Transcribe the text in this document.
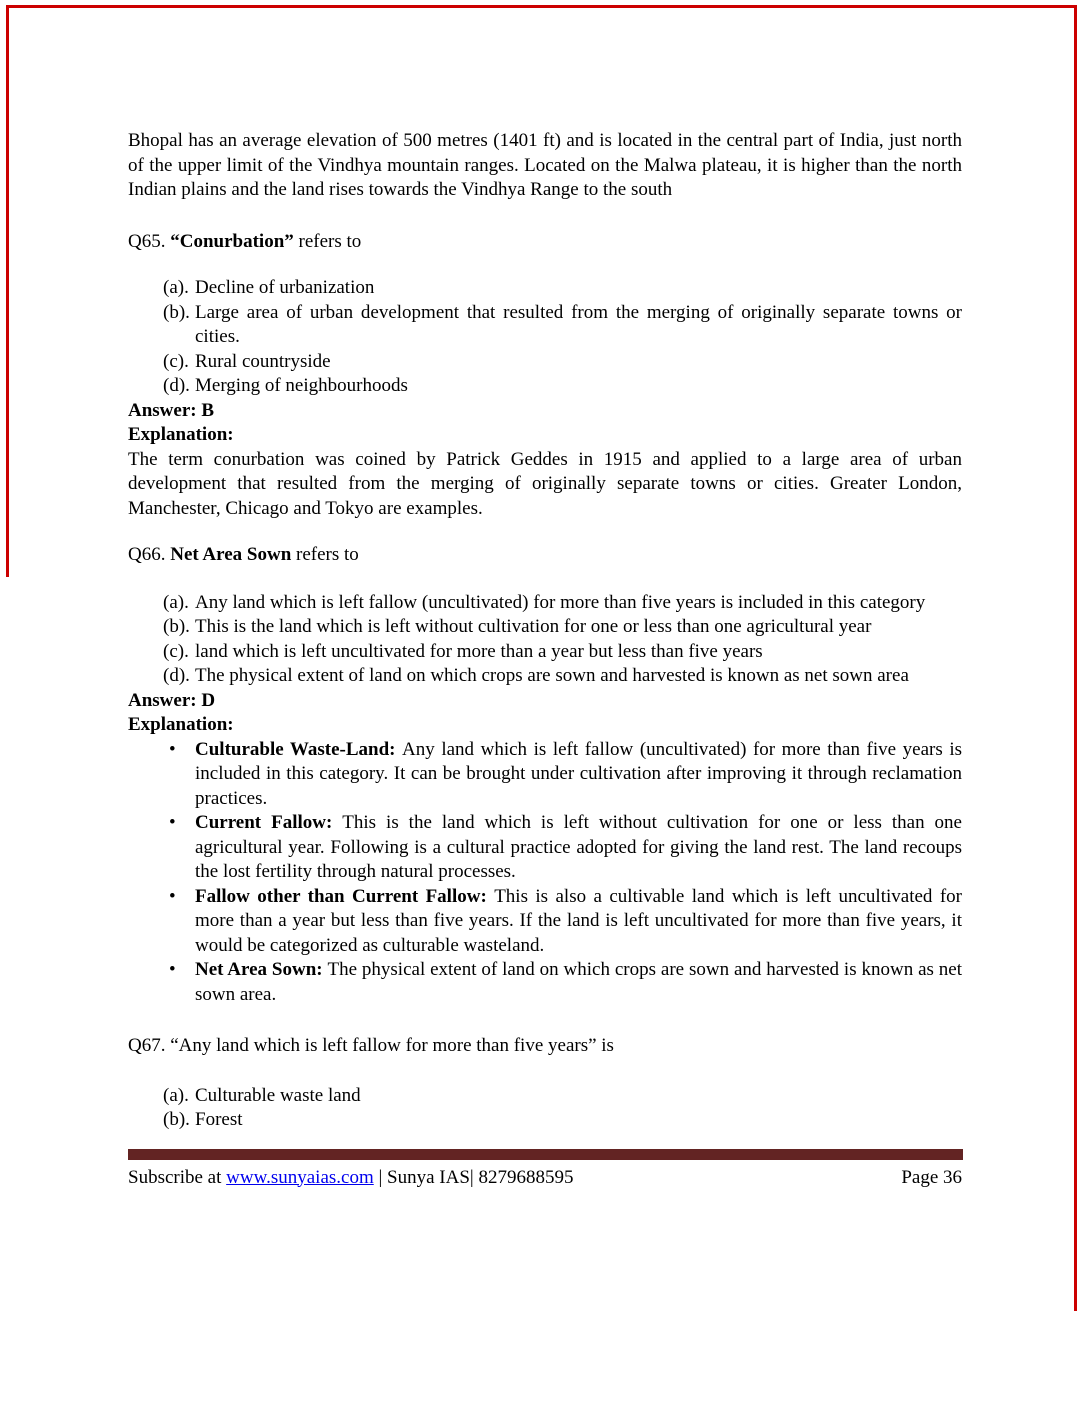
Bhopal has an average elevation of 500 metres (1401 ft) and is located in the central part of India, just north of the upper limit of the Vindhya mountain ranges. Located on the Malwa plateau, it is higher than the north Indian plains and the land rises towards the Vindhya Range to the south

Q65. “Conurbation” refers to

(a). Decline of urbanization
(b). Large area of urban development that resulted from the merging of originally separate towns or cities.
(c). Rural countryside
(d). Merging of neighbourhoods

Answer: B

Explanation:

The term conurbation was coined by Patrick Geddes in 1915 and applied to a large area of urban development that resulted from the merging of originally separate towns or cities. Greater London, Manchester, Chicago and Tokyo are examples.

Q66. Net Area Sown refers to

(a). Any land which is left fallow (uncultivated) for more than five years is included in this category
(b). This is the land which is left without cultivation for one or less than one agricultural year
(c). land which is left uncultivated for more than a year but less than five years
(d). The physical extent of land on which crops are sown and harvested is known as net sown area

Answer: D

Explanation:

•	Culturable Waste-Land: Any land which is left fallow (uncultivated) for more than five years is included in this category. It can be brought under cultivation after improving it through reclamation practices.
•	Current Fallow: This is the land which is left without cultivation for one or less than one agricultural year. Following is a cultural practice adopted for giving the land rest. The land recoups the lost fertility through natural processes.
•	Fallow other than Current Fallow: This is also a cultivable land which is left uncultivated for more than a year but less than five years. If the land is left uncultivated for more than five years, it would be categorized as culturable wasteland.
•	Net Area Sown: The physical extent of land on which crops are sown and harvested is known as net sown area.

Q67. “Any land which is left fallow for more than five years” is

(a). Culturable waste land
(b). Forest
Subscribe at www.sunyaias.com | Sunya IAS| 8279688595	Page 36
